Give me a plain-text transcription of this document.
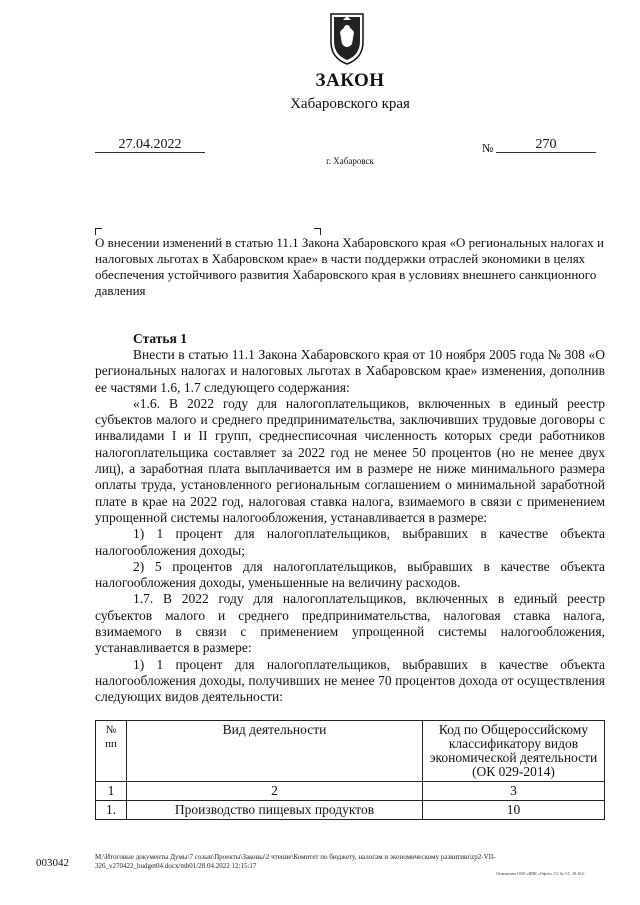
ЗАКОН
Хабаровского края
27.04.2022	№	270
г. Хабаровск
О внесении изменений в статью 11.1 Закона Хабаровского края «О региональных налогах и налоговых льготах в Хабаровском крае» в части поддержки отраслей экономики в целях обеспечения устойчивого развития Хабаровского края в условиях внешнего санкционного давления
Статья 1

Внести в статью 11.1 Закона Хабаровского края от 10 ноября 2005 года № 308 «О региональных налогах и налоговых льготах в Хабаровском крае» изменения, дополнив ее частями 1.6, 1.7 следующего содержания:

«1.6. В 2022 году для налогоплательщиков, включенных в единый реестр субъектов малого и среднего предпринимательства, заключивших трудовые договоры с инвалидами I и II групп, среднесписочная численность которых среди работников налогоплательщика составляет за 2022 год не менее 50 процентов (но не менее двух лиц), а заработная плата выплачивается им в размере не ниже минимального размера оплаты труда, установленного региональным соглашением о минимальной заработной плате в крае на 2022 год, налоговая ставка налога, взимаемого в связи с применением упрощенной системы налогообложения, устанавливается в размере:

1) 1 процент для налогоплательщиков, выбравших в качестве объекта налогообложения доходы;

2) 5 процентов для налогоплательщиков, выбравших в качестве объекта налогообложения доходы, уменьшенные на величину расходов.

1.7. В 2022 году для налогоплательщиков, включенных в единый реестр субъектов малого и среднего предпринимательства, налоговая ставка налога, взимаемого в связи с применением упрощенной системы налогообложения, устанавливается в размере:

1) 1 процент для налогоплательщиков, выбравших в качестве объекта налогообложения доходы, получивших не менее 70 процентов дохода от осуществления следующих видов деятельности:

№ пп	Вид деятельности	Код по Общероссийскому классификатору видов экономической деятельности (ОК 029-2014)
1	2	3
1.	Производство пищевых продуктов	10
003042	M:\Итоговые документы Думы\7 созыв\Проекты\Законы\2 чтение\Комитет по бюджету, налогам и экономическому развитию\zp2-VII-326_v270422_budget04.docx/mb01/28.04.2022 12:15:17
Отпечатано ООО «ИПК «Офсет» Т.1 № 3 С. 18.10.6
